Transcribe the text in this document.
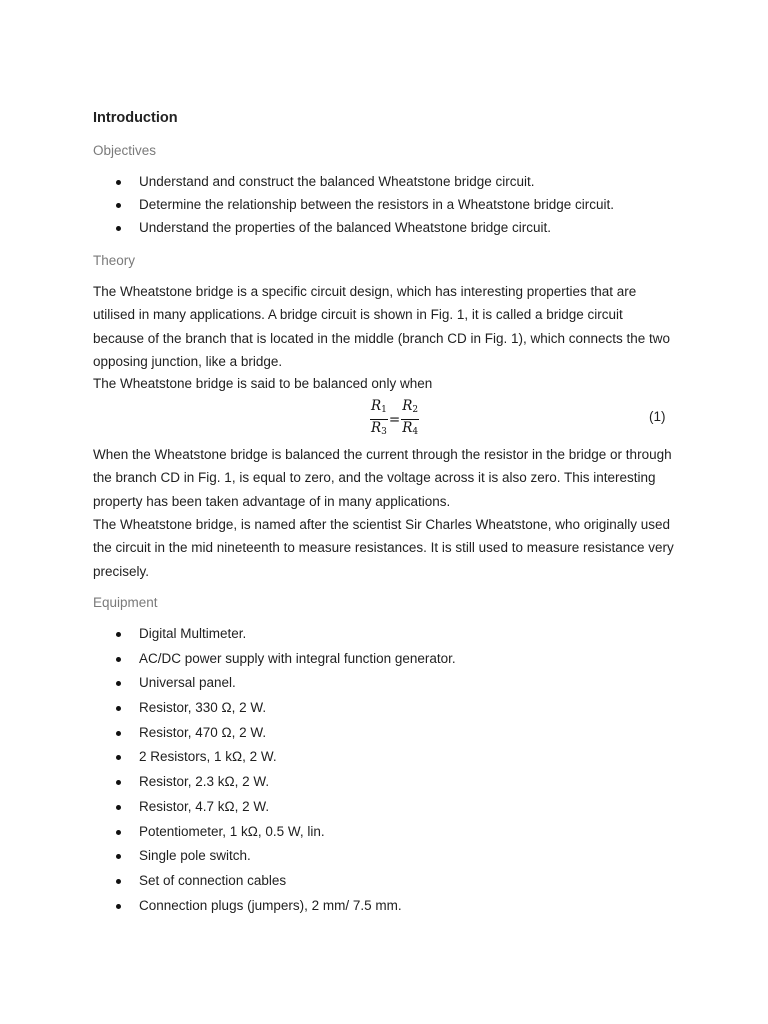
Introduction
Objectives
Understand and construct the balanced Wheatstone bridge circuit.
Determine the relationship between the resistors in a Wheatstone bridge circuit.
Understand the properties of the balanced Wheatstone bridge circuit.
Theory

The Wheatstone bridge is a specific circuit design, which has interesting properties that are utilised in many applications. A bridge circuit is shown in Fig. 1, it is called a bridge circuit because of the branch that is located in the middle (branch CD in Fig. 1), which connects the two opposing junction, like a bridge.

The Wheatstone bridge is said to be balanced only when

$\frac{R_1}{R_3} = \frac{R_2}{R_4}$	(1)

When the Wheatstone bridge is balanced the current through the resistor in the bridge or through the branch CD in Fig. 1, is equal to zero, and the voltage across it is also zero. This interesting property has been taken advantage of in many applications.

The Wheatstone bridge, is named after the scientist Sir Charles Wheatstone, who originally used the circuit in the mid nineteenth to measure resistances. It is still used to measure resistance very precisely.

Equipment
Digital Multimeter.
AC/DC power supply with integral function generator.
Universal panel.
Resistor, 330 Ω, 2 W.
Resistor, 470 Ω, 2 W.
2 Resistors, 1 kΩ, 2 W.
Resistor, 2.3 kΩ, 2 W.
Resistor, 4.7 kΩ, 2 W.
Potentiometer, 1 kΩ, 0.5 W, lin.
Single pole switch.
Set of connection cables
Connection plugs (jumpers), 2 mm/ 7.5 mm.
